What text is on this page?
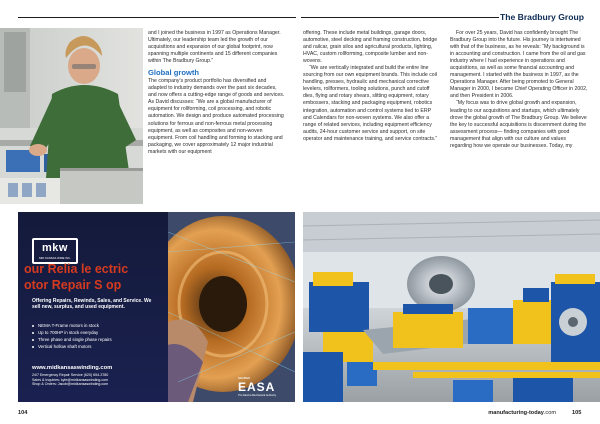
The Bradbury Group

and I joined the business in 1997 as Operations Manager. Ultimately, our leadership team led the growth of our acquisitions and expansion of our global footprint, now spanning multiple continents and 15 different companies within The Bradbury Group.”

Global growth

The company’s product portfolio has diversified and adapted to industry demands over the past six decades, and now offers a cutting-edge range of goods and services. As David discusses: “We are a global manufacturer of equipment for rollforming, coil processing, and robotic automation. We design and produce automated processing solutions for ferrous and non-ferrous metal processing equipment, as well as composites and non-woven equipment. From coil handling and forming to stacking and packaging, we cover approximately 12 major industrial markets with our equipment

offering. These include metal buildings, garage doors, automotive, steel decking and framing construction, bridge and railcar, grain silos and agricultural products, lighting, HVAC, custom rollforming, composite lumber and non-wovens.

“We are vertically integrated and build the entire line sourcing from our own equipment brands. This include coil handling, presses, hydraulic and mechanical corrective levelers, rollformers, tooling solutions, punch and cutoff dies, flying and rotary shears, slitting equipment, rotary embossers, stacking and packaging equipment, robotics integration, automation and control systems tied to ERP and Calendars for non-woven systems. We also offer a range of related services, including equipment efficiency audits, 24-hour customer service and support, on site operator and maintenance training, and service contracts.”

For over 25 years, David has confidently brought The Bradbury Group into the future. His journey is intertwined with that of the business, as he reveals: “My background is in accounting and construction. I came from the oil and gas industry where I had experience in operations and acquisitions, as well as some financial accounting and management. I started with the business in 1997, as the Operations Manager. After being promoted to General Manager in 2000, I became Chief Operating Officer in 2002, and then President in 2006.

“My focus was to drive global growth and expansion, leading to our acquisitions and startups, which ultimately drove the global growth of The Bradbury Group. We believe the key to successful acquisitions is discernment during the assessment process— finding companies with good management that align with our culture and values regarding how we operate our businesses. Today, my

mkw
MID KANSAS WIRE INC.
our Relia le ectric
otor Repair S op
Offering Repairs, Rewinds, Sales, and Service. We sell new, surplus, and used equipment.
NEMA T-Frame motors in stock
Up to 700HP in stock everyday
Three phase and single phase repairs
Vertical hollow shaft motors
www.midkansaswinding.com
24/7 Emergency Repair Service (620) 654-3780
Sales & Inquiries: kyle@midkansaswinding.com
Shop & Orders: Jacob@midkansaswinding.com
MEMBER
EASA
The Electro-Mechanical Authority
104	manufacturing-today.com	105
